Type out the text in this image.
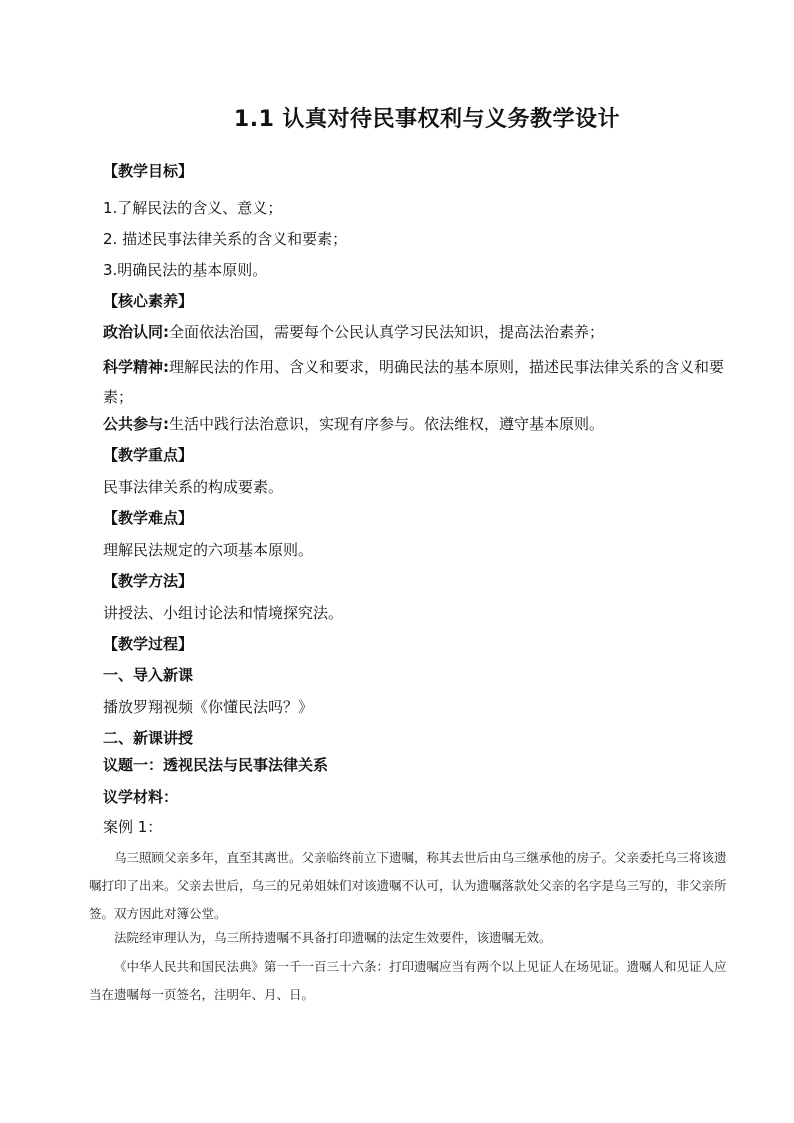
1.1 认真对待民事权利与义务教学设计
【教学目标】
1.了解民法的含义、意义；
2. 描述民事法律关系的含义和要素；
3.明确民法的基本原则。
【核心素养】
政治认同:全面依法治国，需要每个公民认真学习民法知识，提高法治素养；
科学精神:理解民法的作用、含义和要求，明确民法的基本原则，描述民事法律关系的含义和要素；
公共参与:生活中践行法治意识，实现有序参与。依法维权，遵守基本原则。
【教学重点】
民事法律关系的构成要素。
【教学难点】
理解民法规定的六项基本原则。
【教学方法】
讲授法、小组讨论法和情境探究法。
【教学过程】
一、导入新课
播放罗翔视频《你懂民法吗？》
二、新课讲授
议题一：透视民法与民事法律关系
议学材料：
案例 1：
乌三照顾父亲多年，直至其离世。父亲临终前立下遗嘱，称其去世后由乌三继承他的房子。父亲委托乌三将该遗嘱打印了出来。父亲去世后，乌三的兄弟姐妹们对该遗嘱不认可，认为遗嘱落款处父亲的名字是乌三写的，非父亲所签。双方因此对簿公堂。
法院经审理认为，乌三所持遗嘱不具备打印遗嘱的法定生效要件，该遗嘱无效。
《中华人民共和国民法典》第一千一百三十六条：打印遗嘱应当有两个以上见证人在场见证。遗嘱人和见证人应当在遗嘱每一页签名，注明年、月、日。
